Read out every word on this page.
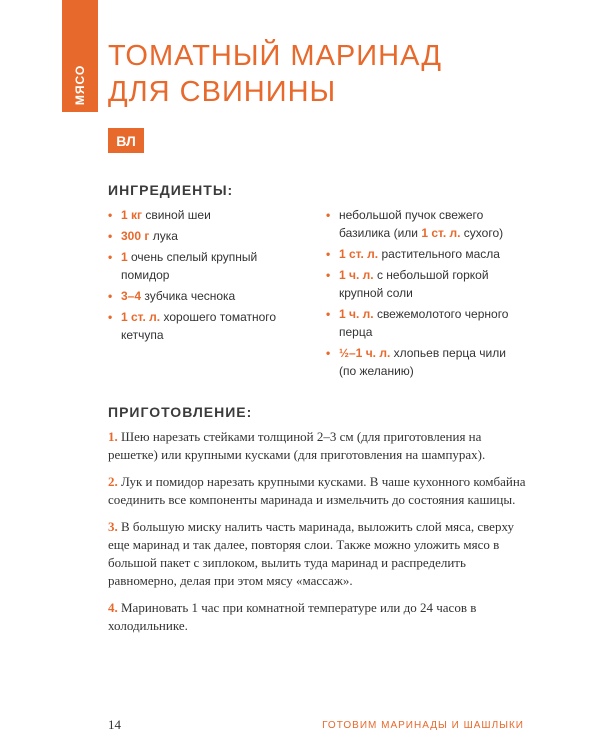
МЯСО
ТОМАТНЫЙ МАРИНАД
ДЛЯ СВИНИНЫ
ВЛ
ИНГРЕДИЕНТЫ:
• 1 кг свиной шеи
• 300 г лука
• 1 очень спелый крупный помидор
• 3–4 зубчика чеснока
• 1 ст. л. хорошего томатного кетчупа
• небольшой пучок свежего базилика (или 1 ст. л. сухого)
• 1 ст. л. растительного масла
• 1 ч. л. с небольшой горкой крупной соли
• 1 ч. л. свежемолотого черного перца
• ½–1 ч. л. хлопьев перца чили (по желанию)
ПРИГОТОВЛЕНИЕ:

1. Шею нарезать стейками толщиной 2–3 см (для приготовления на решетке) или крупными кусками (для приготовления на шампурах).

2. Лук и помидор нарезать крупными кусками. В чаше кухонного комбайна соединить все компоненты маринада и измельчить до состояния кашицы.

3. В большую миску налить часть маринада, выложить слой мяса, сверху еще маринад и так далее, повторяя слои. Также можно уложить мясо в большой пакет с зиплоком, вылить туда маринад и распределить равномерно, делая при этом мясу «массаж».

4. Мариновать 1 час при комнатной температуре или до 24 часов в холодильнике.

14	ГОТОВИМ МАРИНАДЫ И ШАШЛЫКИ
